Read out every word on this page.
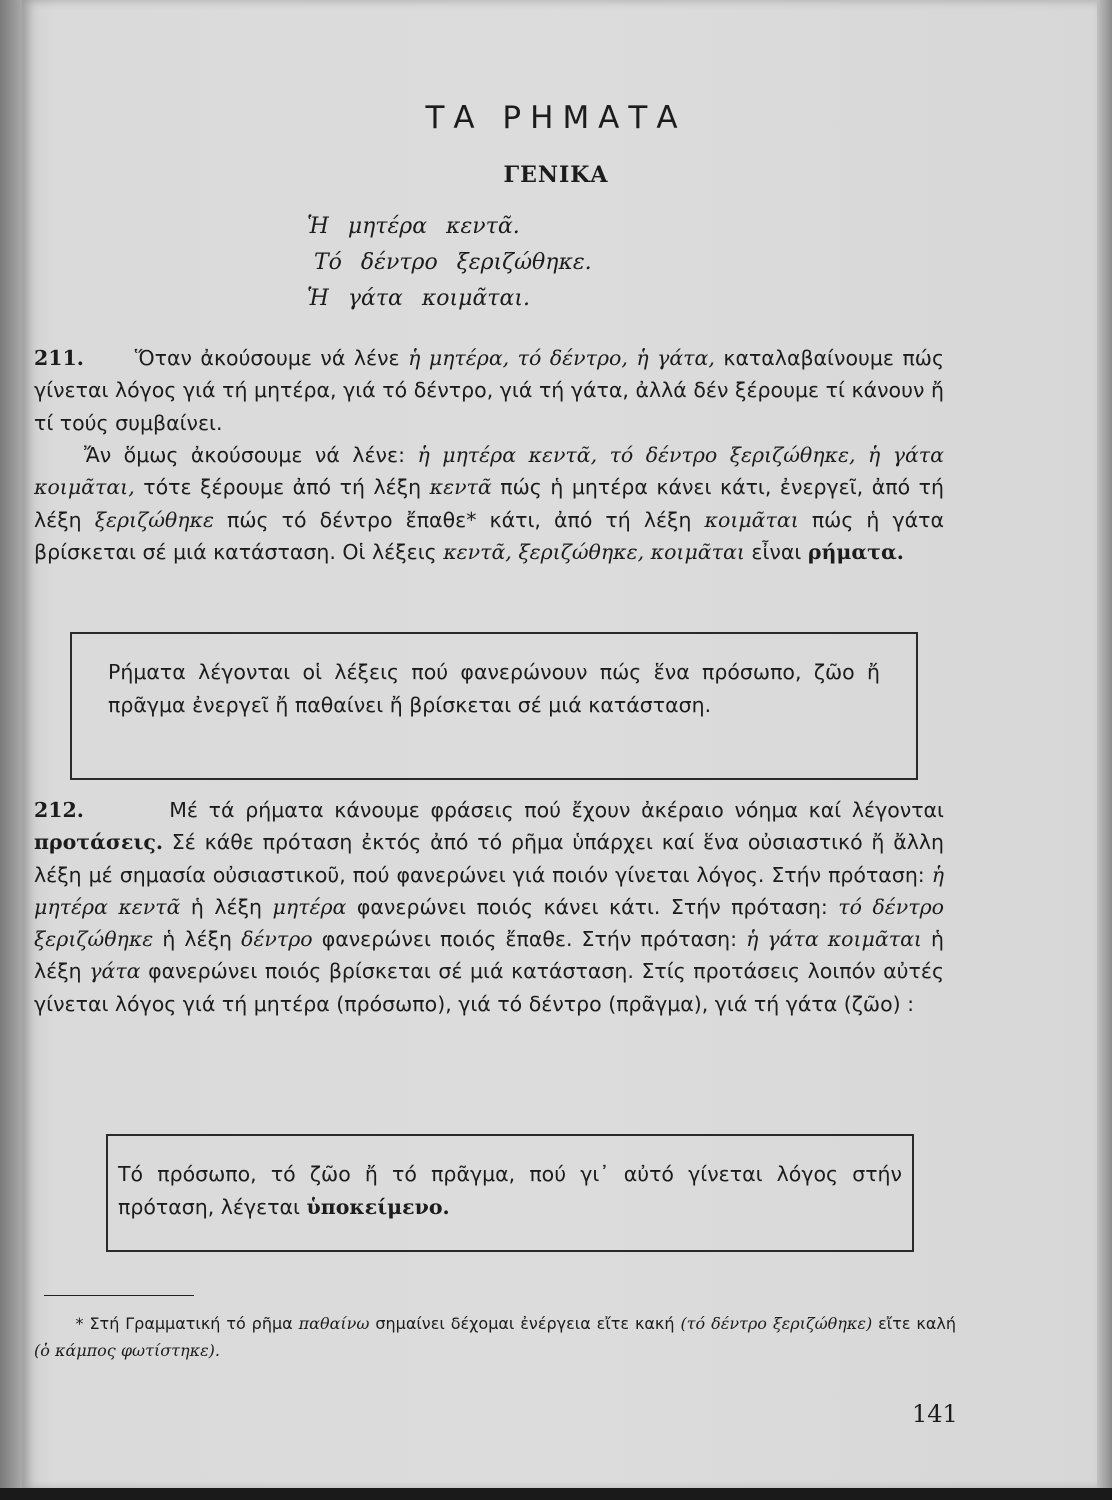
ΤΑ ΡΗΜΑΤΑ
ΓΕΝΙΚΑ
Ἡ μητέρα κεντᾶ.
Τό δέντρο ξεριζώθηκε.
Ἡ γάτα κοιμᾶται.

211. Ὅταν ἀκούσουμε νά λένε ἡ μητέρα, τό δέντρο, ἡ γάτα, καταλαβαίνουμε πώς γίνεται λόγος γιά τή μητέρα, γιά τό δέντρο, γιά τή γάτα, ἀλλά δέν ξέρουμε τί κάνουν ἤ τί τούς συμβαίνει.

Ἄν ὅμως ἀκούσουμε νά λένε: ἡ μητέρα κεντᾶ, τό δέντρο ξεριζώθηκε, ἡ γάτα κοιμᾶται, τότε ξέρουμε ἀπό τή λέξη κεντᾶ πώς ἡ μητέρα κάνει κάτι, ἐνεργεῖ, ἀπό τή λέξη ξεριζώθηκε πώς τό δέντρο ἔπαθε* κάτι, ἀπό τή λέξη κοιμᾶται πώς ἡ γάτα βρίσκεται σέ μιά κατάσταση. Οἱ λέξεις κεντᾶ, ξεριζώθηκε, κοιμᾶται εἶναι ρήματα.

Ρήματα λέγονται οἱ λέξεις πού φανερώνουν πώς ἕνα πρόσωπο, ζῶο ἤ πρᾶγμα ἐνεργεῖ ἤ παθαίνει ἤ βρίσκεται σέ μιά κατάσταση.

212.	Μέ τά ρήματα κάνουμε φράσεις πού ἔχουν ἀκέραιο νόημα καί λέγονται προτάσεις. Σέ κάθε πρόταση ἐκτός ἀπό τό ρῆμα ὑπάρχει καί ἕνα οὐσιαστικό ἤ ἄλλη λέξη μέ σημασία οὐσιαστικοῦ, πού φανερώνει γιά ποιόν γίνεται λόγος. Στήν πρόταση: ἡ μητέρα κεντᾶ ἡ λέξη μητέρα φανερώνει ποιός κάνει κάτι. Στήν πρόταση: τό δέντρο ξεριζώθηκε ἡ λέξη δέντρο φανερώνει ποιός ἔπαθε. Στήν πρόταση: ἡ γάτα κοιμᾶται ἡ λέξη γάτα φανερώνει ποιός βρίσκεται σέ μιά κατάσταση. Στίς προτάσεις λοιπόν αὐτές γίνεται λόγος γιά τή μητέρα (πρόσωπο), γιά τό δέντρο (πρᾶγμα), γιά τή γάτα (ζῶο) :

Τό πρόσωπο, τό ζῶο ἤ τό πρᾶγμα, πού γι᾽ αὐτό γίνεται λόγος στήν πρόταση, λέγεται ὑποκείμενο.

* Στή Γραμματική τό ρῆμα παθαίνω σημαίνει δέχομαι ἐνέργεια εἴτε κακή (τό δέντρο ξεριζώθηκε) εἴτε καλή (ὁ κάμπος φωτίστηκε).

141
